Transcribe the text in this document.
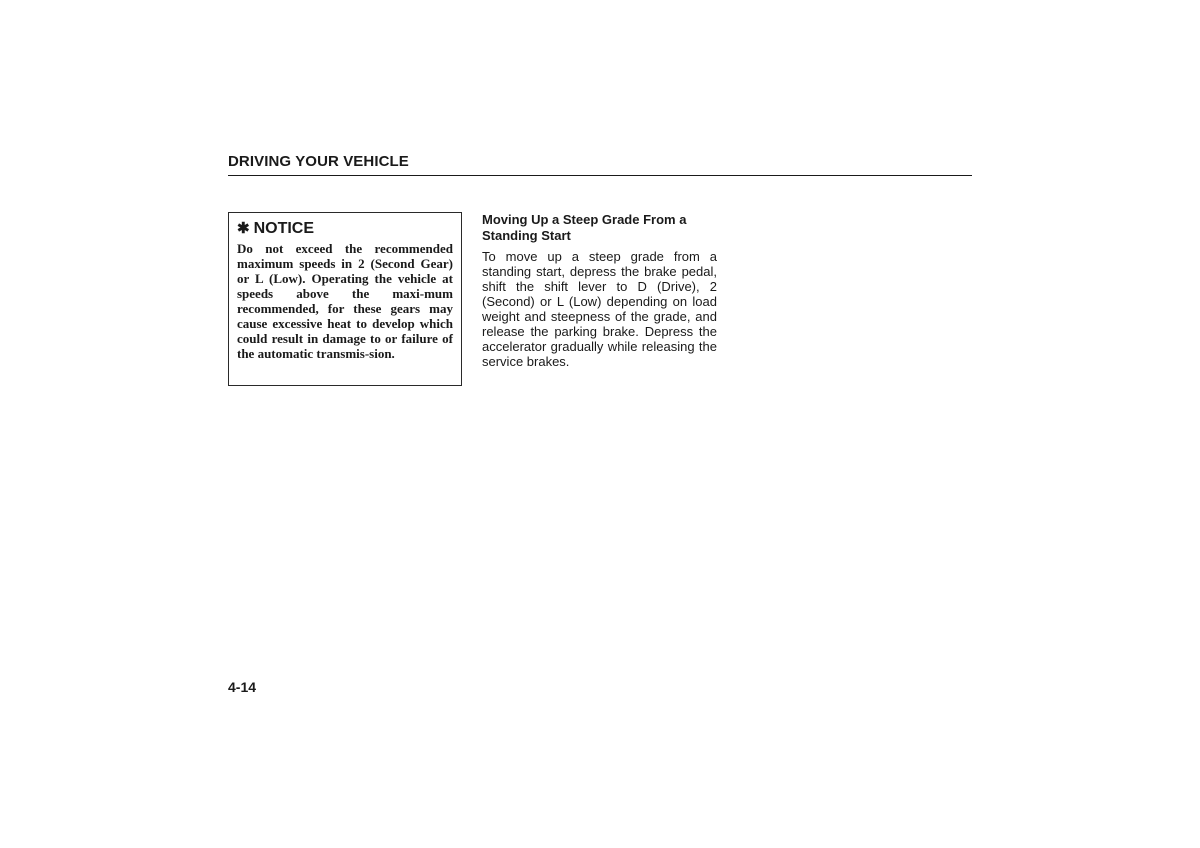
DRIVING YOUR VEHICLE
✱ NOTICE

Do not exceed the recommended maximum speeds in 2 (Second Gear) or L (Low). Operating the vehicle at speeds above the maxi-mum recommended, for these gears may cause excessive heat to develop which could result in damage to or failure of the automatic transmis-sion.

Moving Up a Steep Grade From a Standing Start

To move up a steep grade from a standing start, depress the brake pedal, shift the shift lever to D (Drive), 2 (Second) or L (Low) depending on load weight and steepness of the grade, and release the parking brake. Depress the accelerator gradually while releasing the service brakes.

4-14
